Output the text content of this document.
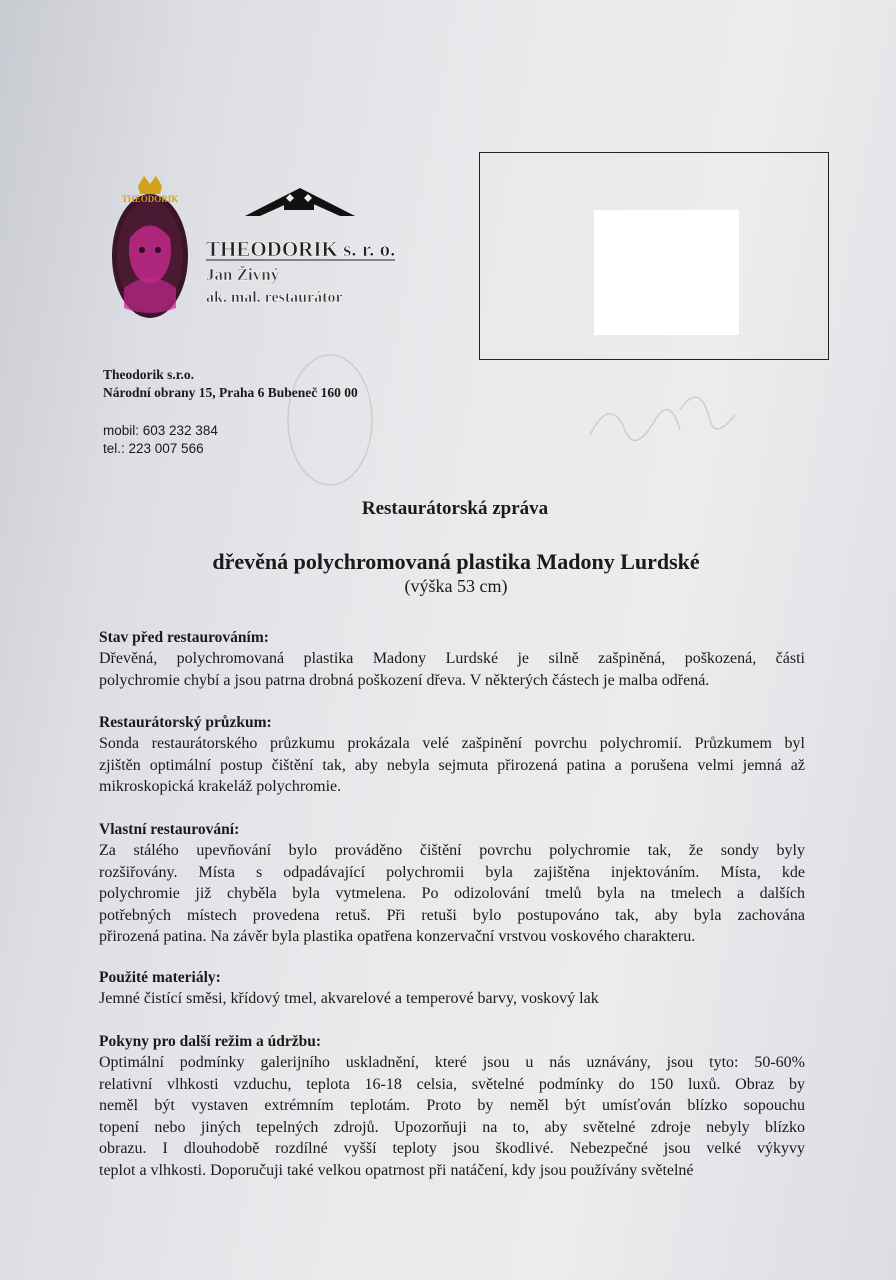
THEODORIK
THEODORIK s. r. o.
Jan Živný
ak. mal. restaurátor
Theodorik s.r.o.
Národní obrany 15, Praha 6 Bubeneč 160 00
mobil: 603 232 384
tel.: 223 007 566
Restaurátorská zpráva
dřevěná polychromovaná plastika Madony Lurdské
(výška 53 cm)
Stav před restaurováním:

Dřevěná, polychromovaná plastika Madony Lurdské je silně zašpiněná, poškozená, části

polychromie chybí a jsou patrna drobná poškození dřeva. V některých částech je malba odřená.

Restaurátorský průzkum:

Sonda restaurátorského průzkumu prokázala velé zašpinění povrchu polychromií. Průzkumem byl

zjištěn optimální postup čištění tak, aby nebyla sejmuta přirozená patina a porušena velmi jemná až

mikroskopická krakeláž polychromie.

Vlastní restaurování:

Za stálého upevňování bylo prováděno čištění povrchu polychromie tak, že sondy byly

rozšiřovány. Místa s odpadávající polychromii byla zajištěna injektováním. Místa, kde

polychromie již chyběla byla vytmelena. Po odizolování tmelů byla na tmelech a dalších

potřebných místech provedena retuš. Při retuši bylo postupováno tak, aby byla zachována

přirozená patina. Na závěr byla plastika opatřena konzervační vrstvou voskového charakteru.

Použité materiály:

Jemné čistící směsi, křídový tmel, akvarelové a temperové barvy, voskový lak

Pokyny pro další režim a údržbu:

Optimální podmínky galerijního uskladnění, které jsou u nás uznávány, jsou tyto: 50-60%

relativní vlhkosti vzduchu, teplota 16-18 celsia, světelné podmínky do 150 luxů. Obraz by

neměl být vystaven extrémním teplotám. Proto by neměl být umísťován blízko sopouchu

topení nebo jiných tepelných zdrojů. Upozorňuji na to, aby světelné zdroje nebyly blízko

obrazu. I dlouhodobě rozdílné vyšší teploty jsou škodlivé. Nebezpečné jsou velké výkyvy

teplot a vlhkosti. Doporučuji také velkou opatrnost při natáčení, kdy jsou používány světelné
